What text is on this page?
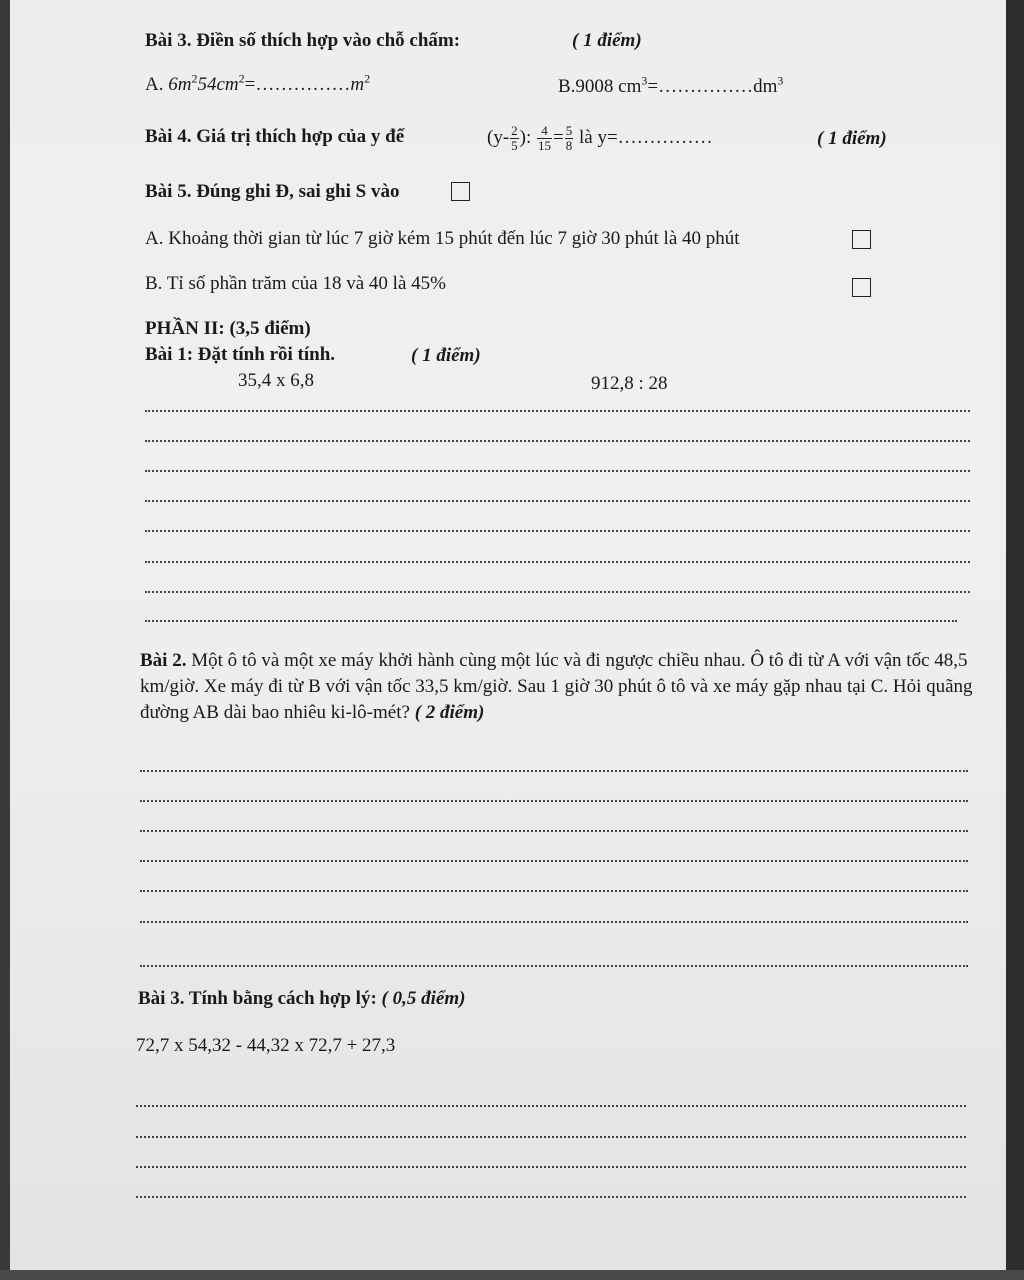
Bài 3. Điền số thích hợp vào chỗ chấm:	( 1 điểm)
A. $6m^254cm^2=\dots\dots\dots\dots\dots m^2$	B.9008 $cm^3=\dots\dots\dots\dots\dots dm^3$
Bài 4. Giá trị thích hợp của y để	($y- \frac{2}{5}$ ): $\frac{4}{15} = \frac{5}{8}$ là y=……………	( 1 điểm)
Bài 5. Đúng ghi Đ, sai ghi S vào
A. Khoảng thời gian từ lúc 7 giờ kém 15 phút đến lúc 7 giờ 30 phút là 40 phút
B. Tỉ số phần trăm của 18 và 40 là 45%
PHẦN II: (3,5 điểm)
Bài 1: Đặt tính rồi tính.	( 1 điểm)
35,4 x 6,8	912,8 : 28
Bài 2. Một ô tô và một xe máy khởi hành cùng một lúc và đi ngược chiều nhau. Ô tô đi từ A với vận tốc 48,5 km/giờ. Xe máy đi từ B với vận tốc 33,5 km/giờ. Sau 1 giờ 30 phút ô tô và xe máy gặp nhau tại C. Hỏi quãng đường AB dài bao nhiêu ki-lô-mét? ( 2 điểm)
Bài 3. Tính bằng cách hợp lý: ( 0,5 điểm)
72,7 x 54,32 - 44,32 x 72,7 + 27,3
